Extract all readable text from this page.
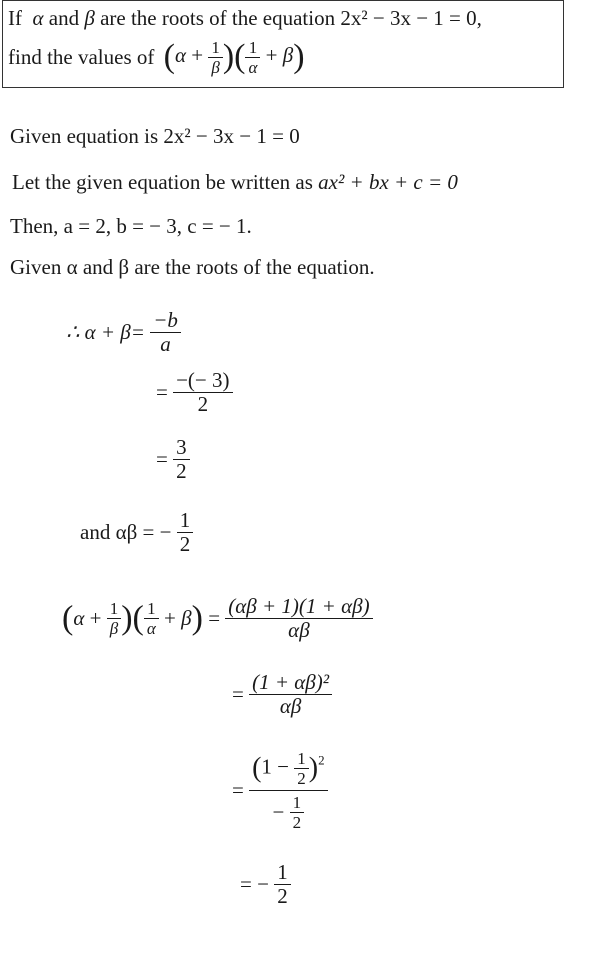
If α and β are the roots of the equation 2x² − 3x − 1 = 0,
find the values of ($\alpha + \frac{1}{\beta}$ )( $\frac{1}{\alpha} + \beta$)
Given equation is 2x² − 3x − 1 = 0
Let the given equation be written as ax² + bx + c = 0
Then, a = 2, b = − 3, c = − 1.
Given α and β are the roots of the equation.
∴ $\alpha + \beta= \frac{-b}{a}$
= $\frac{-(- 3)}{2}$
= $\frac{3}{2}$
and αβ = − $\frac{1}{2}$
($\alpha + \frac{1}{\beta}$ )( $\frac{1}{\alpha} + \beta) = \frac{(\alpha\beta + 1)(1 + \alpha\beta)}{\alpha\beta}$
= $\frac{\text{(1 + αβ)²}}{\alpha\beta}$
= $\frac{(1 - \frac{1}{2} )^2}{- \frac{1}{2}}$
= − $\frac{1}{2}$
